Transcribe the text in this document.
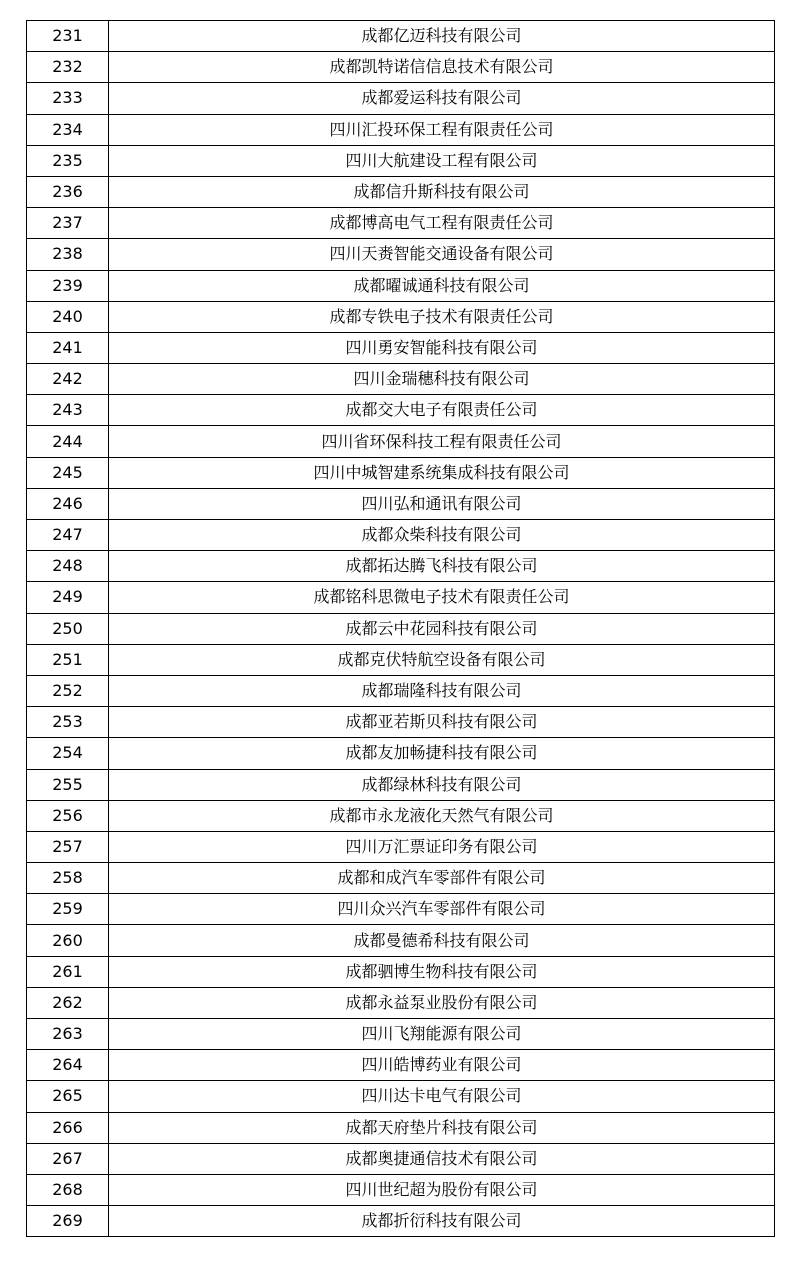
231	成都亿迈科技有限公司
232	成都凯特诺信信息技术有限公司
233	成都爱运科技有限公司
234	四川汇投环保工程有限责任公司
235	四川大航建设工程有限公司
236	成都信升斯科技有限公司
237	成都博高电气工程有限责任公司
238	四川天赉智能交通设备有限公司
239	成都曜诚通科技有限公司
240	成都专铁电子技术有限责任公司
241	四川勇安智能科技有限公司
242	四川金瑞穗科技有限公司
243	成都交大电子有限责任公司
244	四川省环保科技工程有限责任公司
245	四川中城智建系统集成科技有限公司
246	四川弘和通讯有限公司
247	成都众柴科技有限公司
248	成都拓达腾飞科技有限公司
249	成都铭科思微电子技术有限责任公司
250	成都云中花园科技有限公司
251	成都克伏特航空设备有限公司
252	成都瑞隆科技有限公司
253	成都亚若斯贝科技有限公司
254	成都友加畅捷科技有限公司
255	成都绿林科技有限公司
256	成都市永龙液化天然气有限公司
257	四川万汇票证印务有限公司
258	成都和成汽车零部件有限公司
259	四川众兴汽车零部件有限公司
260	成都曼德希科技有限公司
261	成都驷博生物科技有限公司
262	成都永益泵业股份有限公司
263	四川飞翔能源有限公司
264	四川皓博药业有限公司
265	四川达卡电气有限公司
266	成都天府垫片科技有限公司
267	成都奥捷通信技术有限公司
268	四川世纪超为股份有限公司
269	成都折衍科技有限公司
